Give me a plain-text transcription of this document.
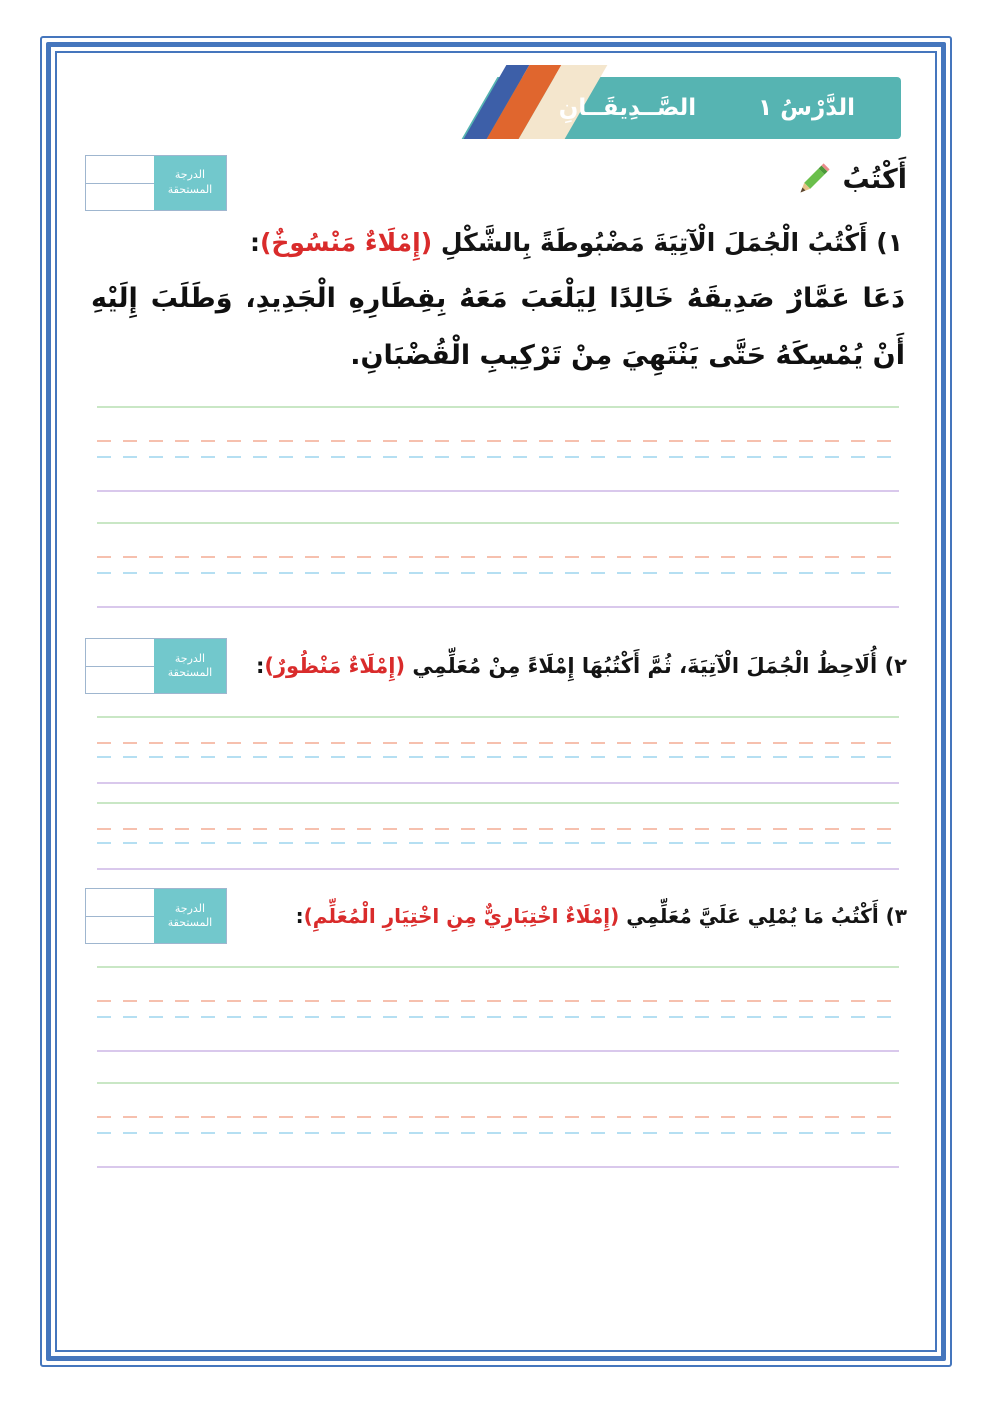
الدَّرْسُ ١
الصَّــدِيقَــانِ
أَكْتُبُ
الدرجة
المستحقة
١) أَكْتُبُ الْجُمَلَ الْآتِيَةَ مَضْبُوطَةً بِالشَّكْلِ (إِمْلَاءٌ مَنْسُوخٌ):

دَعَا عَمَّارٌ صَدِيقَهُ خَالِدًا لِيَلْعَبَ مَعَهُ بِقِطَارِهِ الْجَدِيدِ، وَطَلَبَ إِلَيْهِ أَنْ يُمْسِكَهُ حَتَّى يَنْتَهِيَ مِنْ تَرْكِيبِ الْقُضْبَانِ.

٢) أُلَاحِظُ الْجُمَلَ الْآتِيَةَ، ثُمَّ أَكْتُبُهَا إِمْلَاءً مِنْ مُعَلِّمِي (إِمْلَاءٌ مَنْظُورٌ):
الدرجة
المستحقة
٣) أَكْتُبُ مَا يُمْلِي عَلَيَّ مُعَلِّمِي (إِمْلَاءٌ اخْتِبَارِيٌّ مِنِ اخْتِيَارِ الْمُعَلِّمِ):
الدرجة
المستحقة
